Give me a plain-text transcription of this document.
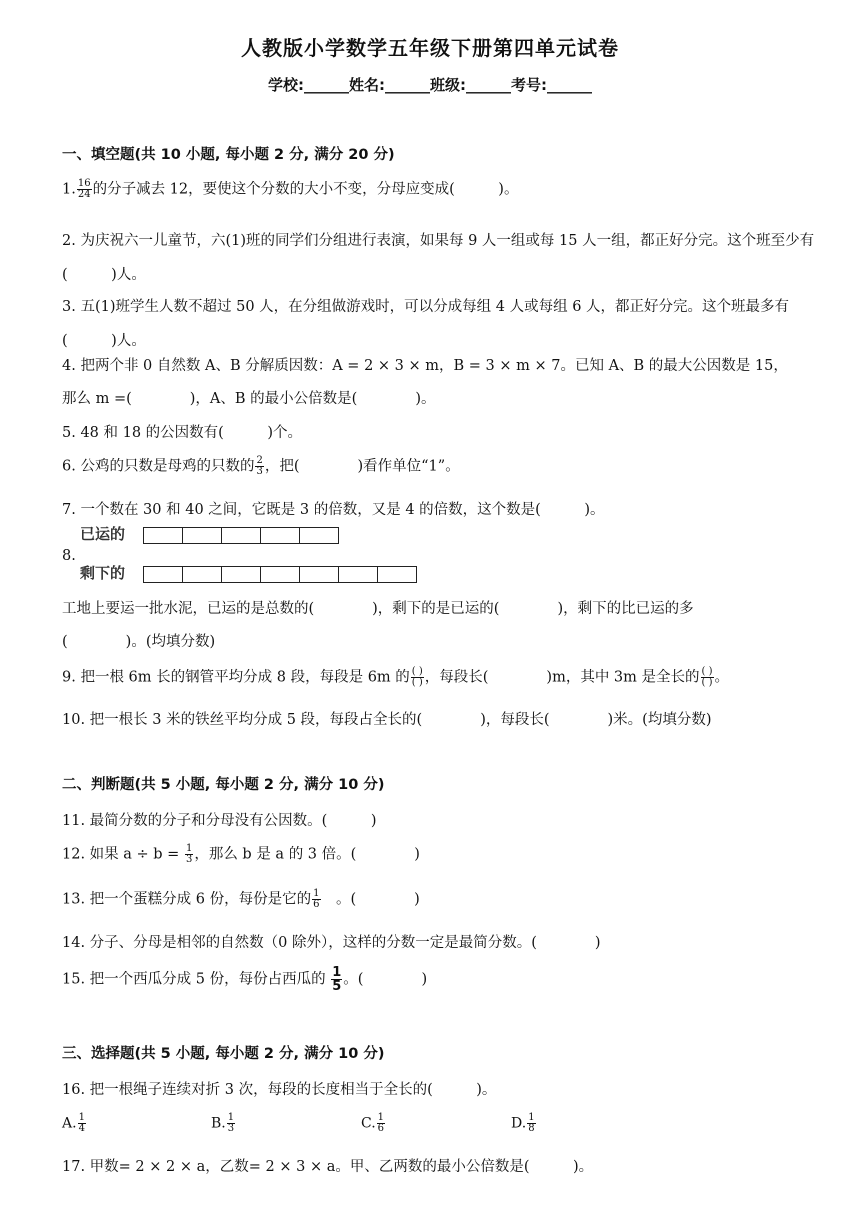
人教版小学数学五年级下册第四单元试卷
学校:______姓名:______班级:______考号:______
一、填空题(共 10 小题, 每小题 2 分, 满分 20 分)
1. $\frac{16}{24}$ 的分子减去 12，要使这个分数的大小不变，分母应变成(　　　)。
2. 为庆祝六一儿童节，六(1)班的同学们分组进行表演，如果每 9 人一组或每 15 人一组，都正好分完。这个班至少有(　　　)人。
3. 五(1)班学生人数不超过 50 人，在分组做游戏时，可以分成每组 4 人或每组 6 人，都正好分完。这个班最多有(　　　)人。
4. 把两个非 0 自然数 A、B 分解质因数：A = 2 × 3 × m，B = 3 × m × 7。已知 A、B 的最大公因数是 15，
那么 m =(　　　　)，A、B 的最小公倍数是(　　　　)。
5. 48 和 18 的公因数有(　　　)个。
6. 公鸡的只数是母鸡的只数的 $\frac{2}{3}$ ，把(　　　　)看作单位“1”。
7. 一个数在 30 和 40 之间，它既是 3 的倍数，又是 4 的倍数，这个数是(　　　)。
已运的
8.
剩下的
工地上要运一批水泥，已运的是总数的(　　　　)，剩下的是已运的(　　　　)，剩下的比已运的多
(　　　　)。(均填分数)
9. 把一根 6m 长的钢管平均分成 8 段，每段是 6m 的 $\frac{( )}{( )}$ ，每段长(　　　　)m，其中 3m 是全长的 $\frac{( )}{( )}$ 。
10. 把一根长 3 米的铁丝平均分成 5 段，每段占全长的(　　　　)，每段长(　　　　)米。(均填分数)
二、判断题(共 5 小题, 每小题 2 分, 满分 10 分)
11. 最简分数的分子和分母没有公因数。(　　　)
12. 如果 $a \div b = \frac{1}{3}$ ，那么 b 是 a 的 3 倍。(　　　　)
13. 把一个蛋糕分成 6 份，每份是它的 $\frac{1}{6}$ 　。(　　　　)
14. 分子、分母是相邻的自然数（0 除外），这样的分数一定是最简分数。(　　　　)
15. 把一个西瓜分成 5 份，每份占西瓜的 $\frac{1}{5}$ 。(　　　　)
三、选择题(共 5 小题, 每小题 2 分, 满分 10 分)
16. 把一根绳子连续对折 3 次，每段的长度相当于全长的(　　　)。
A. $\frac{1}{4}$	B. $\frac{1}{3}$	C. $\frac{1}{6}$	D. $\frac{1}{8}$
17. 甲数= 2 × 2 × a，乙数= 2 × 3 × a。甲、乙两数的最小公倍数是(　　　)。
